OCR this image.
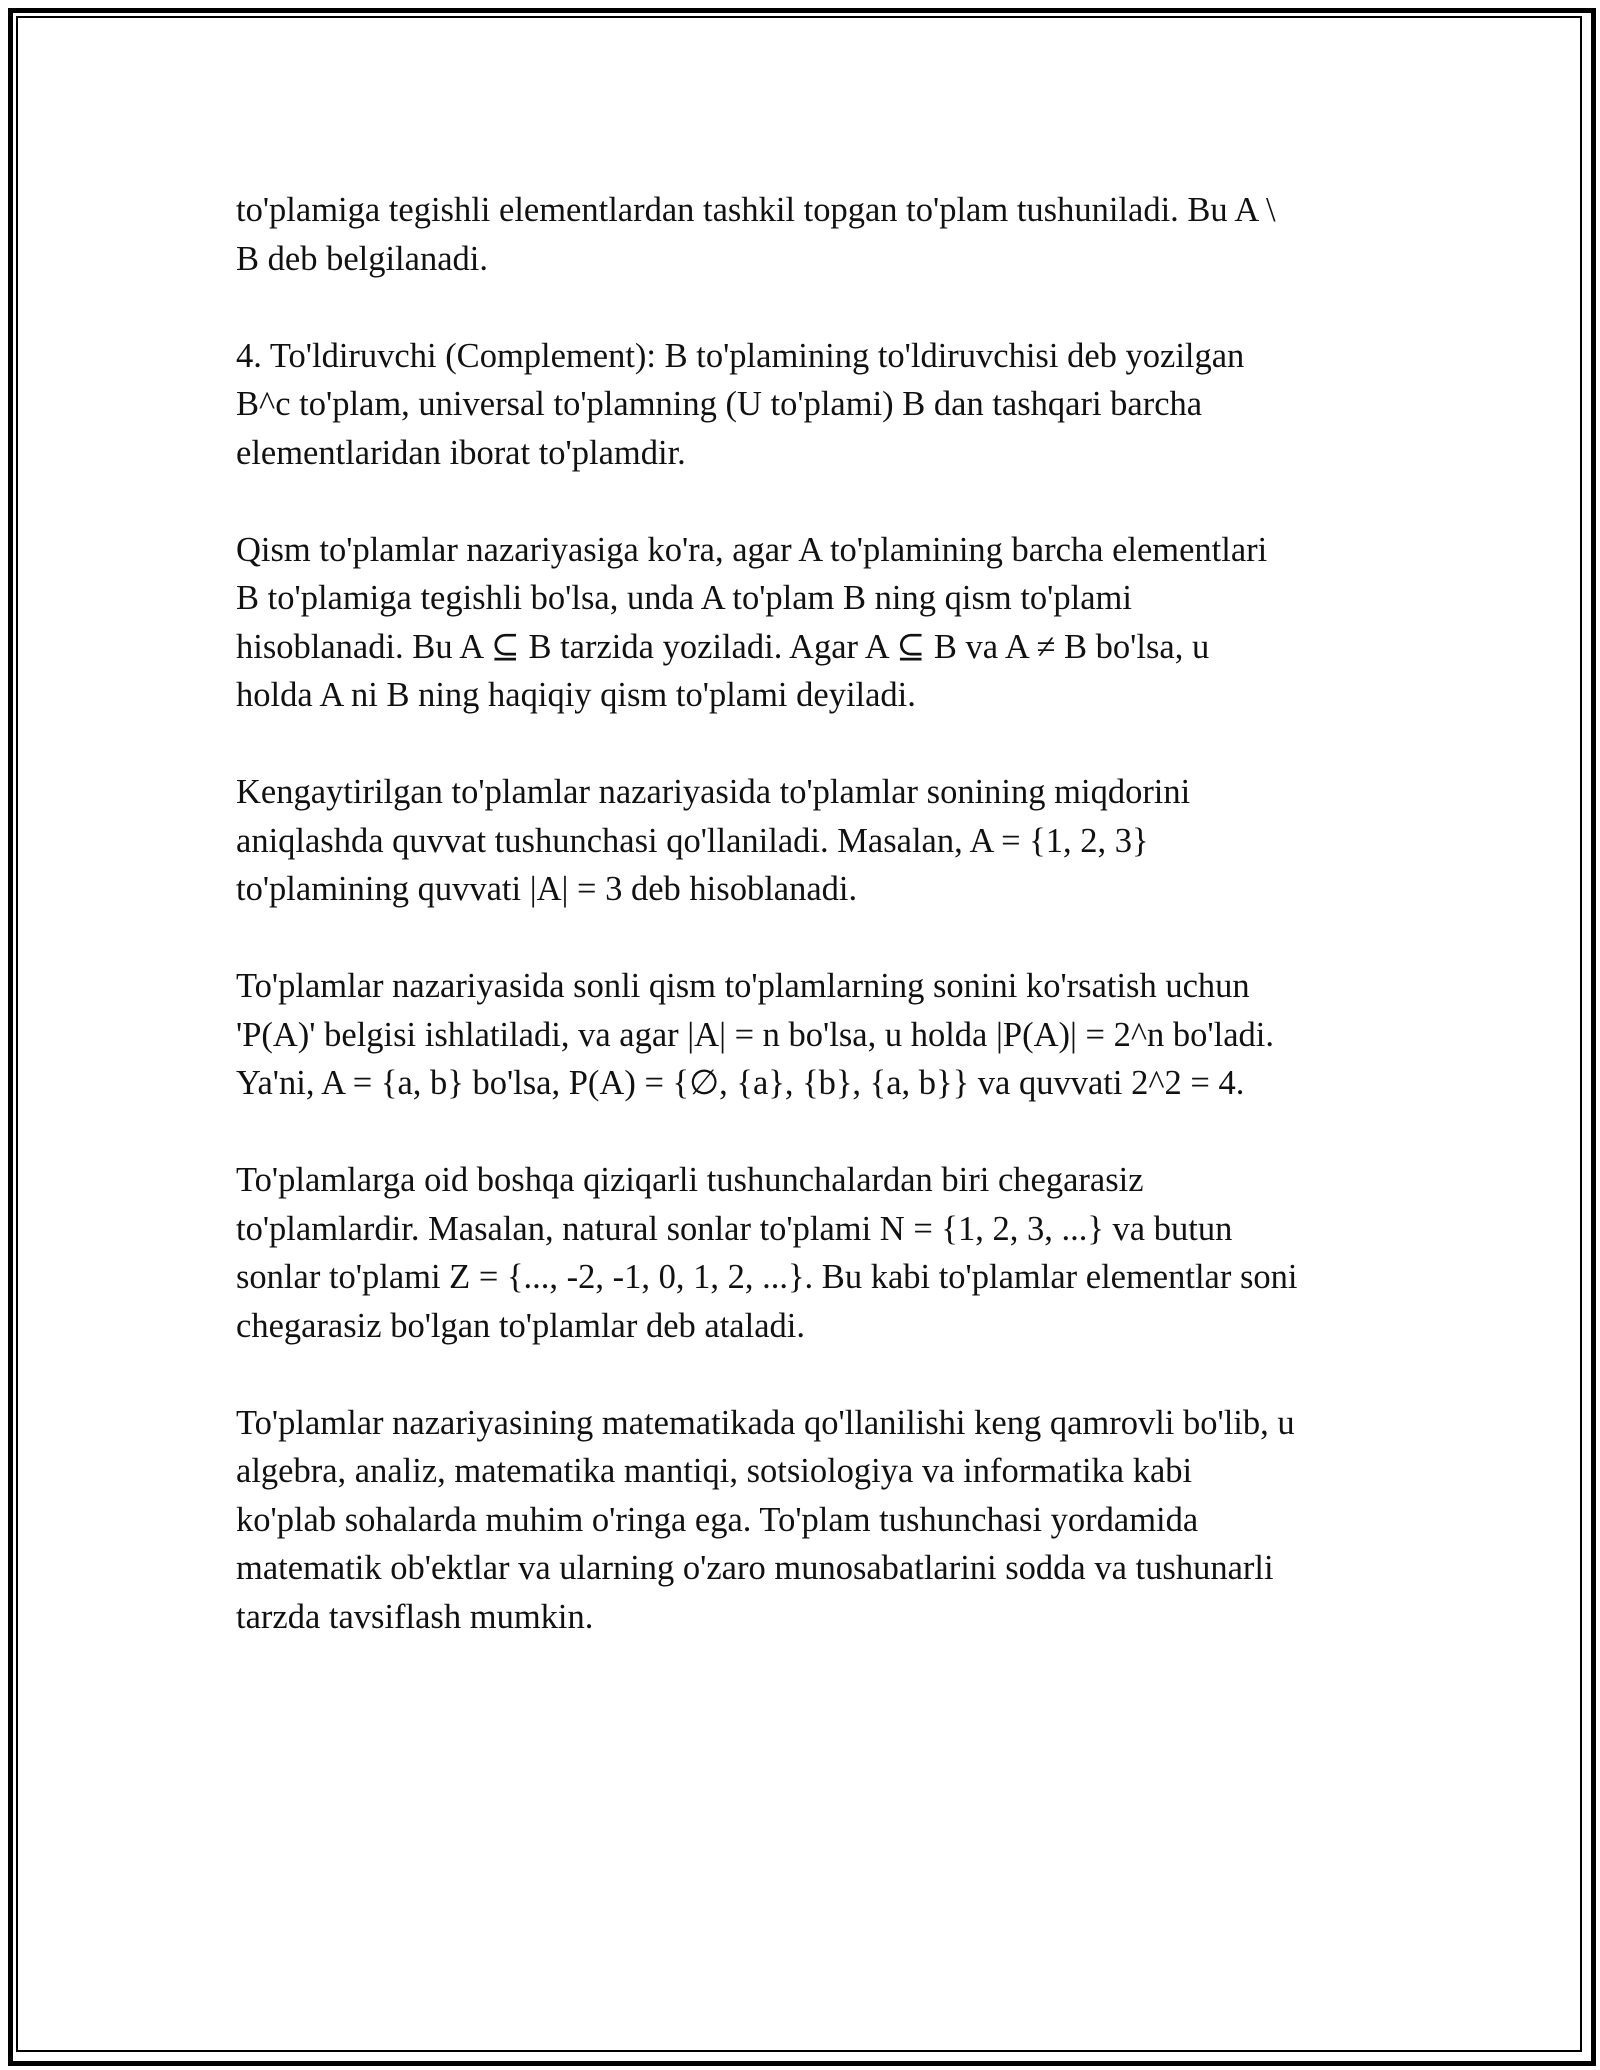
to'plamiga tegishli elementlardan tashkil topgan to'plam tushuniladi. Bu A \
B deb belgilanadi.

4. To'ldiruvchi (Complement): B to'plamining to'ldiruvchisi deb yozilgan
B^c to'plam, universal to'plamning (U to'plami) B dan tashqari barcha
elementlaridan iborat to'plamdir.

Qism to'plamlar nazariyasiga ko'ra, agar A to'plamining barcha elementlari
B to'plamiga tegishli bo'lsa, unda A to'plam B ning qism to'plami
hisoblanadi. Bu A ⊆ B tarzida yoziladi. Agar A ⊆ B va A ≠ B bo'lsa, u
holda A ni B ning haqiqiy qism to'plami deyiladi.

Kengaytirilgan to'plamlar nazariyasida to'plamlar sonining miqdorini
aniqlashda quvvat tushunchasi qo'llaniladi. Masalan, A = {1, 2, 3}
to'plamining quvvati |A| = 3 deb hisoblanadi.

To'plamlar nazariyasida sonli qism to'plamlarning sonini ko'rsatish uchun
'P(A)' belgisi ishlatiladi, va agar |A| = n bo'lsa, u holda |P(A)| = 2^n bo'ladi.
Ya'ni, A = {a, b} bo'lsa, P(A) = {∅, {a}, {b}, {a, b}} va quvvati 2^2 = 4.

To'plamlarga oid boshqa qiziqarli tushunchalardan biri chegarasiz
to'plamlardir. Masalan, natural sonlar to'plami N = {1, 2, 3, ...} va butun
sonlar to'plami Z = {..., -2, -1, 0, 1, 2, ...}. Bu kabi to'plamlar elementlar soni
chegarasiz bo'lgan to'plamlar deb ataladi.

To'plamlar nazariyasining matematikada qo'llanilishi keng qamrovli bo'lib, u
algebra, analiz, matematika mantiqi, sotsiologiya va informatika kabi
ko'plab sohalarda muhim o'ringa ega. To'plam tushunchasi yordamida
matematik ob'ektlar va ularning o'zaro munosabatlarini sodda va tushunarli
tarzda tavsiflash mumkin.
